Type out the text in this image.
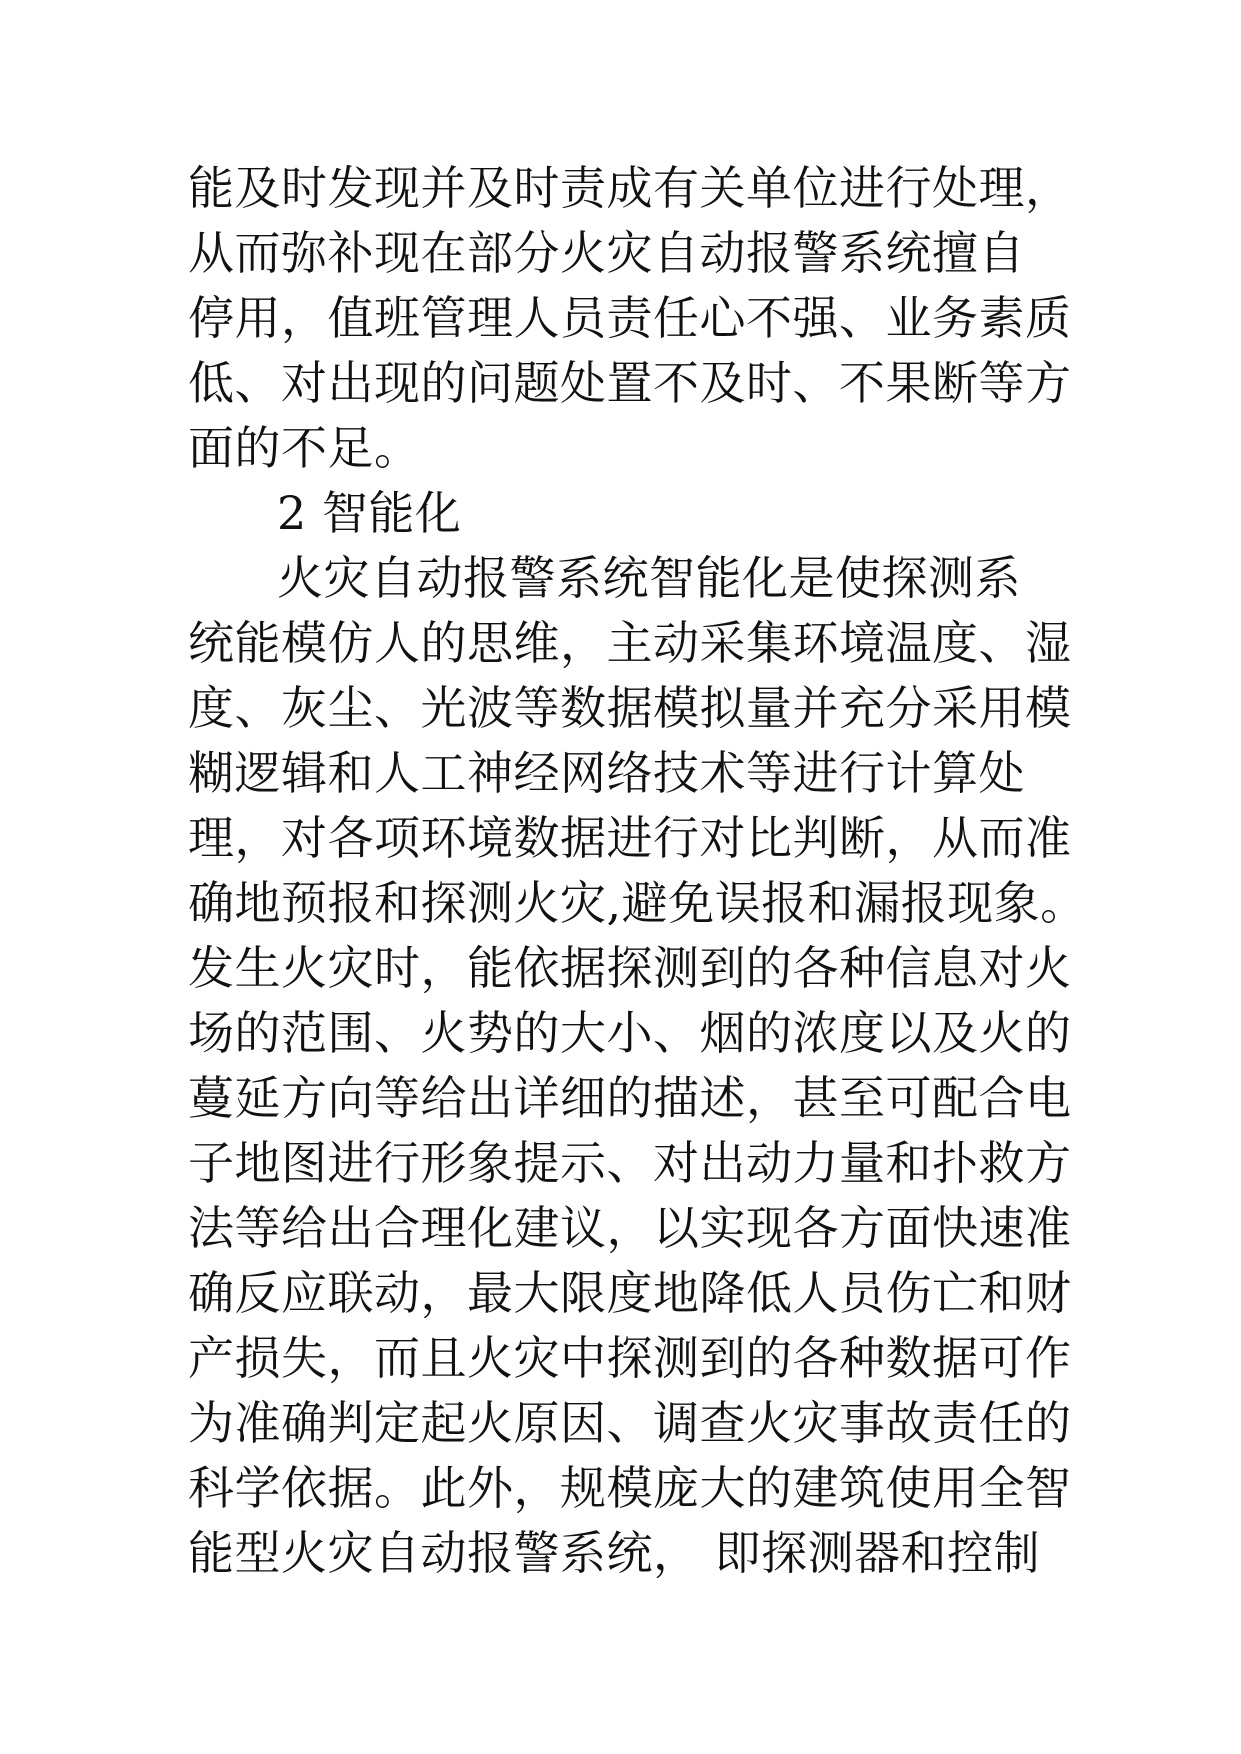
能及时发现并及时责成有关单位进行处理，
从而弥补现在部分火灾自动报警系统擅自
停用，值班管理人员责任心不强、业务素质
低、对出现的问题处置不及时、不果断等方
面的不足。
2 智能化
火灾自动报警系统智能化是使探测系
统能模仿人的思维，主动采集环境温度、湿
度、灰尘、光波等数据模拟量并充分采用模
糊逻辑和人工神经网络技术等进行计算处
理，对各项环境数据进行对比判断，从而准
确地预报和探测火灾,避免误报和漏报现象。
发生火灾时，能依据探测到的各种信息对火
场的范围、火势的大小、烟的浓度以及火的
蔓延方向等给出详细的描述，甚至可配合电
子地图进行形象提示、对出动力量和扑救方
法等给出合理化建议，以实现各方面快速准
确反应联动，最大限度地降低人员伤亡和财
产损失，而且火灾中探测到的各种数据可作
为准确判定起火原因、调查火灾事故责任的
科学依据。此外，规模庞大的建筑使用全智
能型火灾自动报警系统， 即探测器和控制
